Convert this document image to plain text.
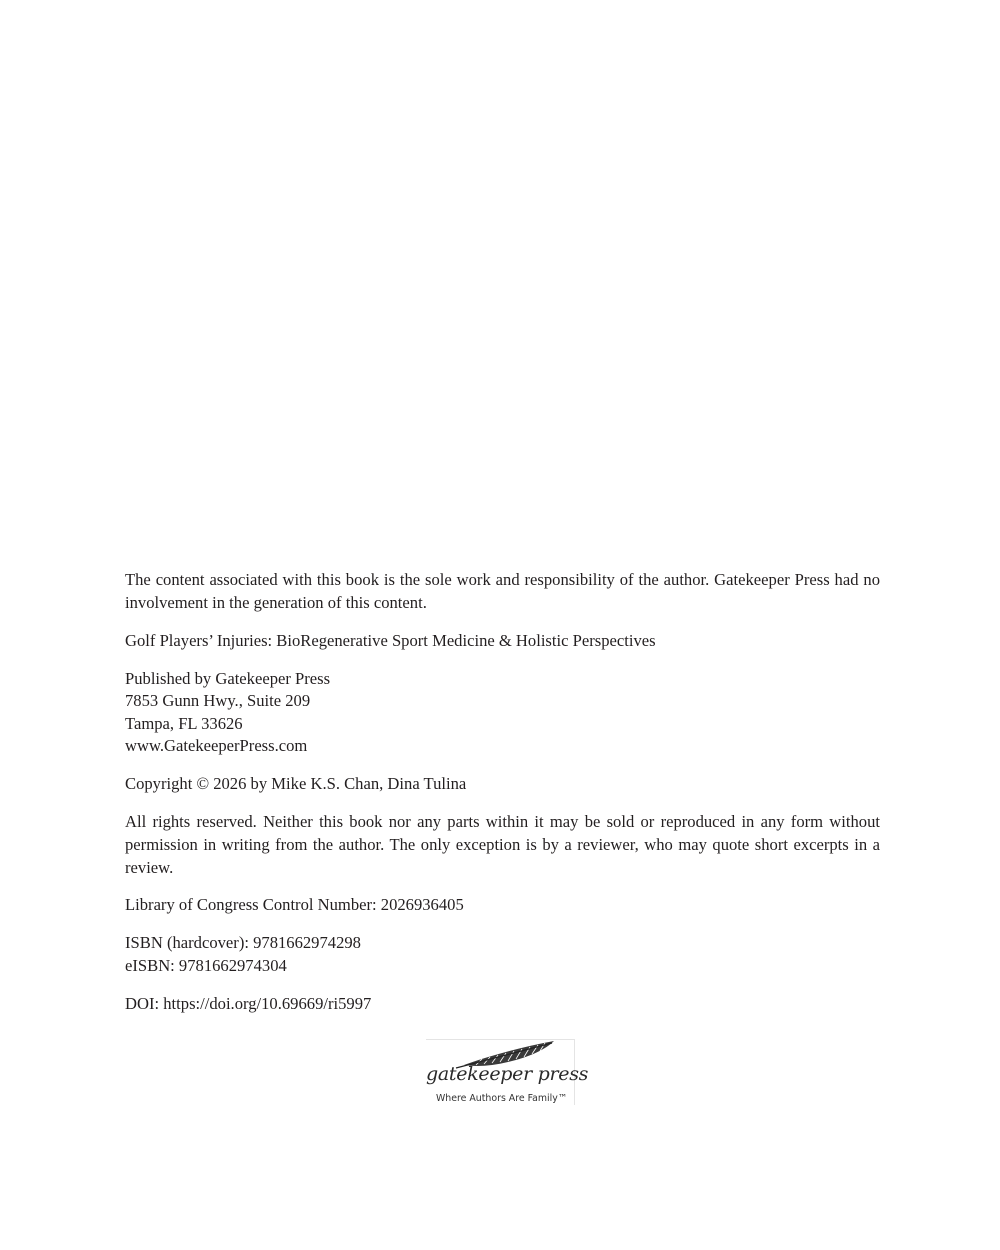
The content associated with this book is the sole work and responsibility of the author. Gatekeeper Press had no involvement in the generation of this content.

Golf Players’ Injuries: BioRegenerative Sport Medicine & Holistic Perspectives

Published by Gatekeeper Press
7853 Gunn Hwy., Suite 209
Tampa, FL 33626
www.GatekeeperPress.com

Copyright © 2026 by Mike K.S. Chan, Dina Tulina

All rights reserved. Neither this book nor any parts within it may be sold or reproduced in any form without permission in writing from the author. The only exception is by a reviewer, who may quote short excerpts in a review.

Library of Congress Control Number: 2026936405

ISBN (hardcover): 9781662974298
eISBN: 9781662974304

DOI: https://doi.org/10.69669/ri5997

gatekeeper press
Where Authors Are Family™
